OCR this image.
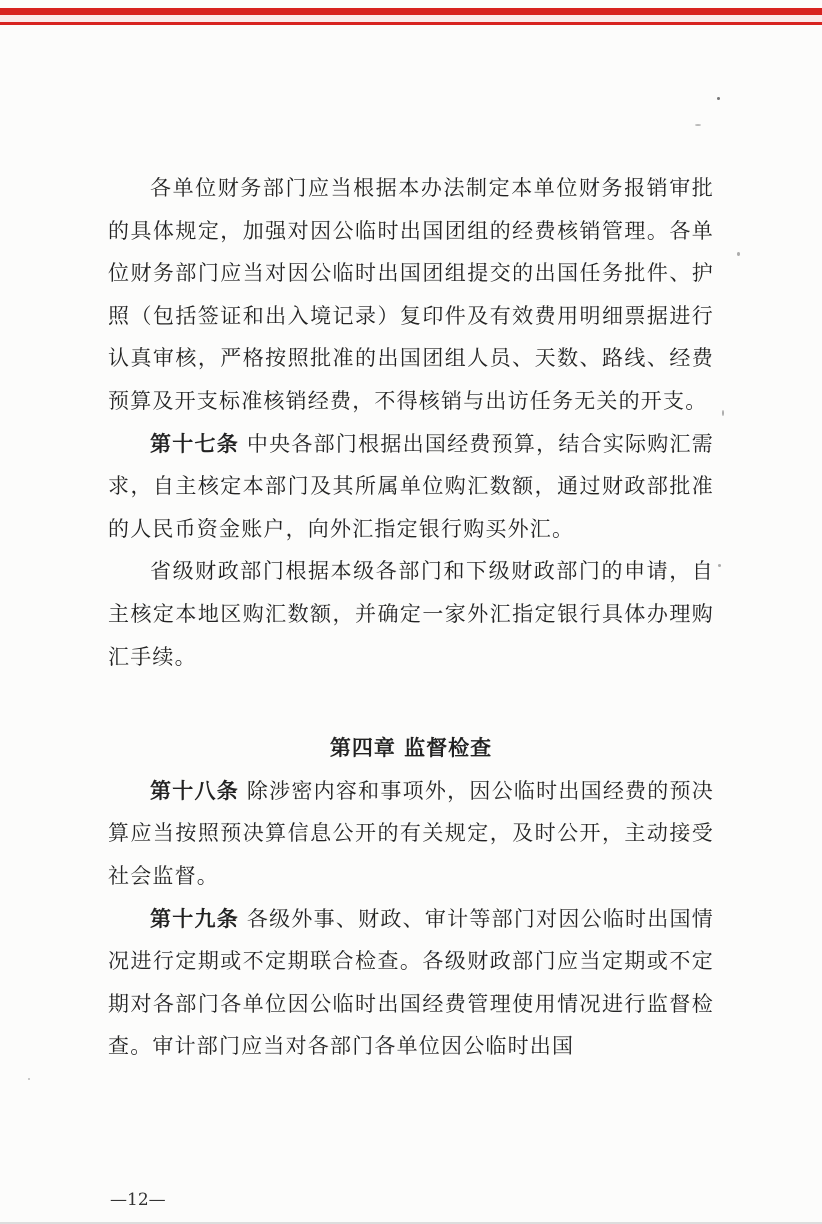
各单位财务部门应当根据本办法制定本单位财务报销审批的具体规定，加强对因公临时出国团组的经费核销管理。各单位财务部门应当对因公临时出国团组提交的出国任务批件、护照（包括签证和出入境记录）复印件及有效费用明细票据进行认真审核，严格按照批准的出国团组人员、天数、路线、经费预算及开支标准核销经费，不得核销与出访任务无关的开支。

第十七条 中央各部门根据出国经费预算，结合实际购汇需求，自主核定本部门及其所属单位购汇数额，通过财政部批准的人民币资金账户，向外汇指定银行购买外汇。

省级财政部门根据本级各部门和下级财政部门的申请，自主核定本地区购汇数额，并确定一家外汇指定银行具体办理购汇手续。

第四章 监督检查

第十八条 除涉密内容和事项外，因公临时出国经费的预决算应当按照预决算信息公开的有关规定，及时公开，主动接受社会监督。

第十九条 各级外事、财政、审计等部门对因公临时出国情况进行定期或不定期联合检查。各级财政部门应当定期或不定期对各部门各单位因公临时出国经费管理使用情况进行监督检查。审计部门应当对各部门各单位因公临时出国

—12—
